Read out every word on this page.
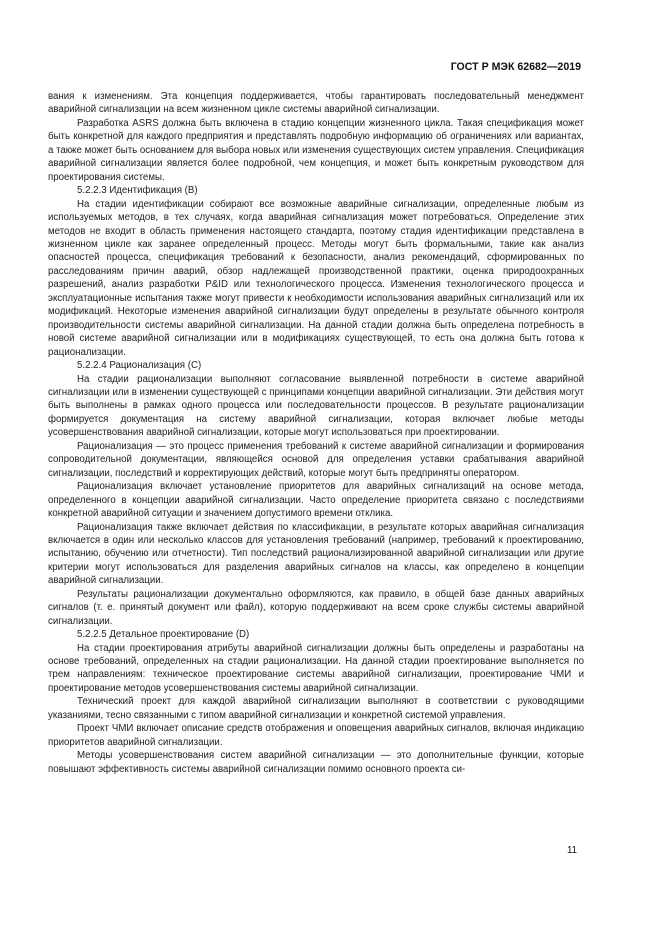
ГОСТ Р МЭК 62682—2019

вания к изменениям. Эта концепция поддерживается, чтобы гарантировать последовательный менеджмент аварийной сигнализации на всем жизненном цикле системы аварийной сигнализации.

Разработка ASRS должна быть включена в стадию концепции жизненного цикла. Такая спецификация может быть конкретной для каждого предприятия и представлять подробную информацию об ограничениях или вариантах, а также может быть основанием для выбора новых или изменения существующих систем управления. Спецификация аварийной сигнализации является более подробной, чем концепция, и может быть конкретным руководством для проектирования системы.

5.2.2.3 Идентификация (В)

На стадии идентификации собирают все возможные аварийные сигнализации, определенные любым из используемых методов, в тех случаях, когда аварийная сигнализация может потребоваться. Определение этих методов не входит в область применения настоящего стандарта, поэтому стадия идентификации представлена в жизненном цикле как заранее определенный процесс. Методы могут быть формальными, такие как анализ опасностей процесса, спецификация требований к безопасности, анализ рекомендаций, сформированных по расследованиям причин аварий, обзор надлежащей производственной практики, оценка природоохранных разрешений, анализ разработки P&ID или технологического процесса. Изменения технологического процесса и эксплуатационные испытания также могут привести к необходимости использования аварийных сигнализаций или их модификаций. Некоторые изменения аварийной сигнализации будут определены в результате обычного контроля производительности системы аварийной сигнализации. На данной стадии должна быть определена потребность в новой системе аварийной сигнализации или в модификациях существующей, то есть она должна быть готова к рационализации.

5.2.2.4 Рационализация (С)

На стадии рационализации выполняют согласование выявленной потребности в системе аварийной сигнализации или в изменении существующей с принципами концепции аварийной сигнализации. Эти действия могут быть выполнены в рамках одного процесса или последовательности процессов. В результате рационализации формируется документация на систему аварийной сигнализации, которая включает любые методы усовершенствования аварийной сигнализации, которые могут использоваться при проектировании.

Рационализация — это процесс применения требований к системе аварийной сигнализации и формирования сопроводительной документации, являющейся основой для определения уставки срабатывания аварийной сигнализации, последствий и корректирующих действий, которые могут быть предприняты оператором.

Рационализация включает установление приоритетов для аварийных сигнализаций на основе метода, определенного в концепции аварийной сигнализации. Часто определение приоритета связано с последствиями конкретной аварийной ситуации и значением допустимого времени отклика.

Рационализация также включает действия по классификации, в результате которых аварийная сигнализация включается в один или несколько классов для установления требований (например, требований к проектированию, испытанию, обучению или отчетности). Тип последствий рационализированной аварийной сигнализации или другие критерии могут использоваться для разделения аварийных сигналов на классы, как определено в концепции аварийной сигнализации.

Результаты рационализации документально оформляются, как правило, в общей базе данных аварийных сигналов (т. е. принятый документ или файл), которую поддерживают на всем сроке службы системы аварийной сигнализации.

5.2.2.5 Детальное проектирование (D)

На стадии проектирования атрибуты аварийной сигнализации должны быть определены и разработаны на основе требований, определенных на стадии рационализации. На данной стадии проектирование выполняется по трем направлениям: техническое проектирование системы аварийной сигнализации, проектирование ЧМИ и проектирование методов усовершенствования системы аварийной сигнализации.

Технический проект для каждой аварийной сигнализации выполняют в соответствии с руководящими указаниями, тесно связанными с типом аварийной сигнализации и конкретной системой управления.

Проект ЧМИ включает описание средств отображения и оповещения аварийных сигналов, включая индикацию приоритетов аварийной сигнализации.

Методы усовершенствования систем аварийной сигнализации — это дополнительные функции, которые повышают эффективность системы аварийной сигнализации помимо основного проекта си-

11
